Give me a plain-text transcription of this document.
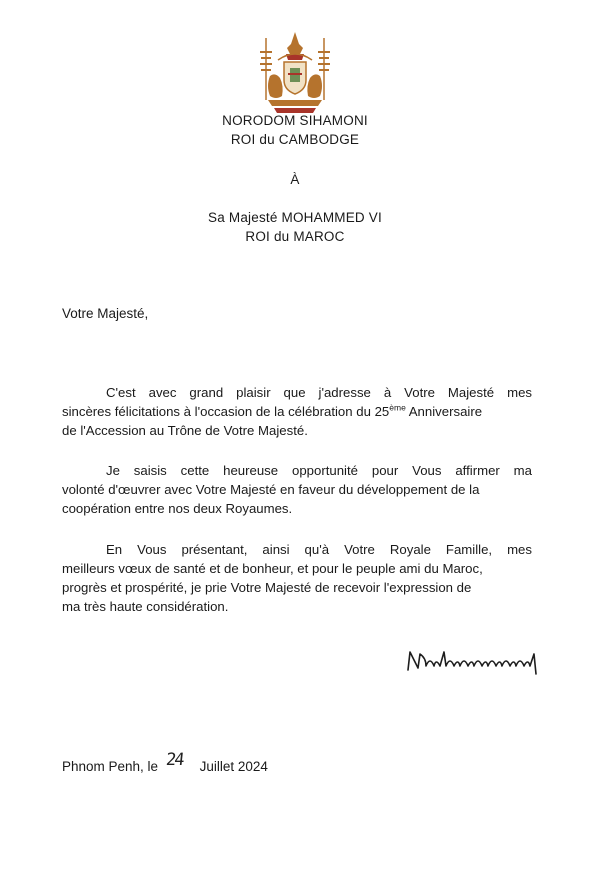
NORODOM SIHAMONI
ROI du CAMBODGE
À
Sa Majesté MOHAMMED VI
ROI du MAROC
Votre Majesté,
C'est avec grand plaisir que j'adresse à Votre Majesté mes
sincères félicitations à l'occasion de la célébration du 25ème Anniversaire
de l'Accession au Trône de Votre Majesté.
Je saisis cette heureuse opportunité pour Vous affirmer ma
volonté d'œuvrer avec Votre Majesté en faveur du développement de la
coopération entre nos deux Royaumes.
En Vous présentant, ainsi qu'à Votre Royale Famille, mes
meilleurs vœux de santé et de bonheur, et pour le peuple ami du Maroc,
progrès et prospérité, je prie Votre Majesté de recevoir l'expression de
ma très haute considération.
Phnom Penh, le 24 Juillet 2024
